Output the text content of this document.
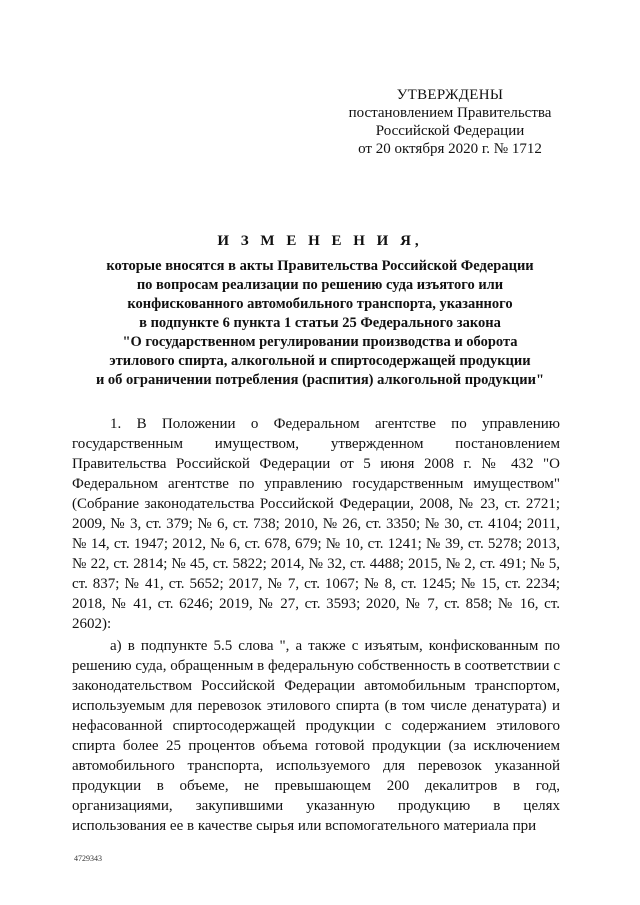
УТВЕРЖДЕНЫ
постановлением Правительства
Российской Федерации
от 20 октября 2020 г. № 1712
И З М Е Н Е Н И Я,
которые вносятся в акты Правительства Российской Федерации
по вопросам реализации по решению суда изъятого или
конфискованного автомобильного транспорта, указанного
в подпункте 6 пункта 1 статьи 25 Федерального закона
"О государственном регулировании производства и оборота
этилового спирта, алкогольной и спиртосодержащей продукции
и об ограничении потребления (распития) алкогольной продукции"

1. В Положении о Федеральном агентстве по управлению государственным имуществом, утвержденном постановлением Правительства Российской Федерации от 5 июня 2008 г. № 432 "О Федеральном агентстве по управлению государственным имуществом" (Собрание законодательства Российской Федерации, 2008, № 23, ст. 2721; 2009, № 3, ст. 379; № 6, ст. 738; 2010, № 26, ст. 3350; № 30, ст. 4104; 2011, № 14, ст. 1947; 2012, № 6, ст. 678, 679; № 10, ст. 1241; № 39, ст. 5278; 2013, № 22, ст. 2814; № 45, ст. 5822; 2014, № 32, ст. 4488; 2015, № 2, ст. 491; № 5, ст. 837; № 41, ст. 5652; 2017, № 7, ст. 1067; № 8, ст. 1245; № 15, ст. 2234; 2018, № 41, ст. 6246; 2019, № 27, ст. 3593; 2020, № 7, ст. 858; № 16, ст. 2602):

а) в подпункте 5.5 слова ", а также с изъятым, конфискованным по решению суда, обращенным в федеральную собственность в соответствии с законодательством Российской Федерации автомобильным транспортом, используемым для перевозок этилового спирта (в том числе денатурата) и нефасованной спиртосодержащей продукции с содержанием этилового спирта более 25 процентов объема готовой продукции (за исключением автомобильного транспорта, используемого для перевозок указанной продукции в объеме, не превышающем 200 декалитров в год, организациями, закупившими указанную продукцию в целях использования ее в качестве сырья или вспомогательного материала при

4729343
